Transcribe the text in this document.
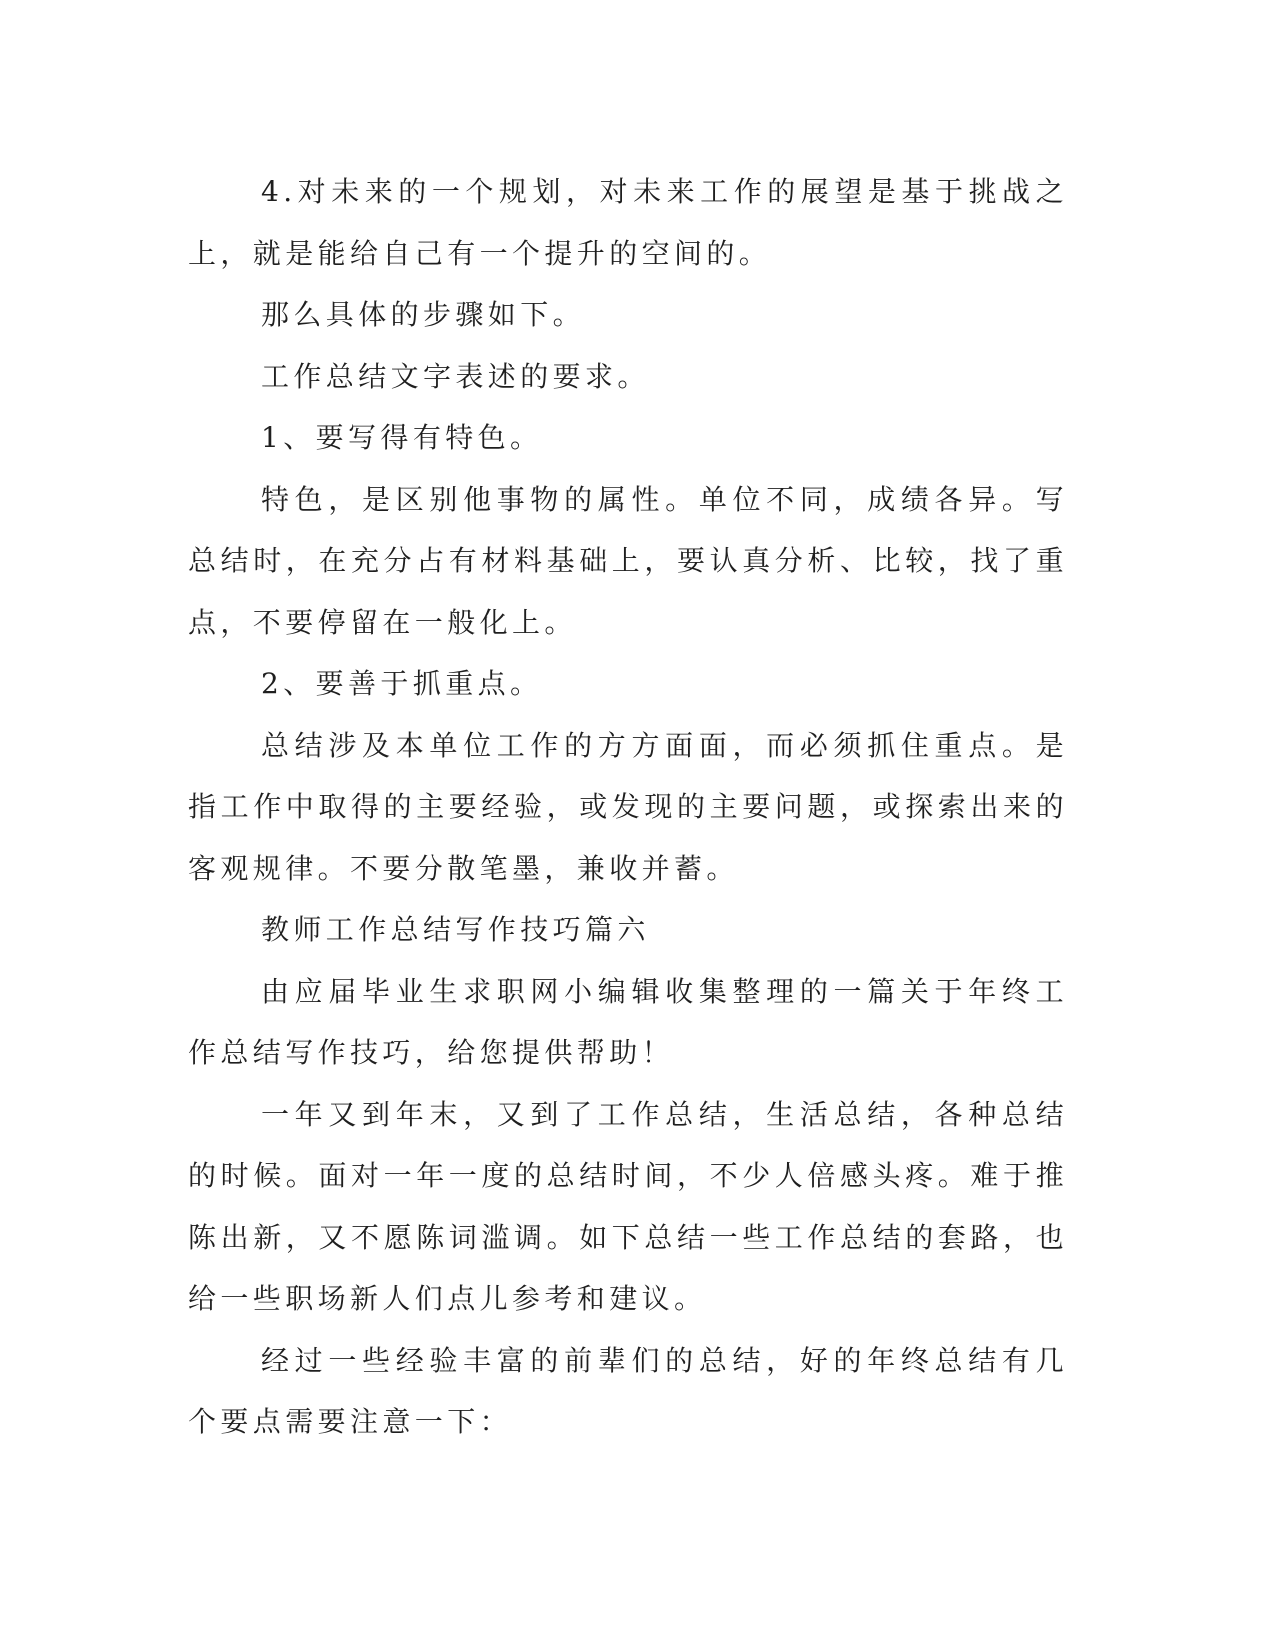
4.对未来的一个规划，对未来工作的展望是基于挑战之上，就是能给自己有一个提升的空间的。

那么具体的步骤如下。

工作总结文字表述的要求。

1、要写得有特色。

特色，是区别他事物的属性。单位不同，成绩各异。写总结时，在充分占有材料基础上，要认真分析、比较，找了重点，不要停留在一般化上。

2、要善于抓重点。

总结涉及本单位工作的方方面面，而必须抓住重点。是指工作中取得的主要经验，或发现的主要问题，或探索出来的客观规律。不要分散笔墨，兼收并蓄。

教师工作总结写作技巧篇六

由应届毕业生求职网小编辑收集整理的一篇关于年终工作总结写作技巧，给您提供帮助！

一年又到年末，又到了工作总结，生活总结，各种总结的时候。面对一年一度的总结时间，不少人倍感头疼。难于推陈出新，又不愿陈词滥调。如下总结一些工作总结的套路，也给一些职场新人们点儿参考和建议。

经过一些经验丰富的前辈们的总结，好的年终总结有几个要点需要注意一下：
